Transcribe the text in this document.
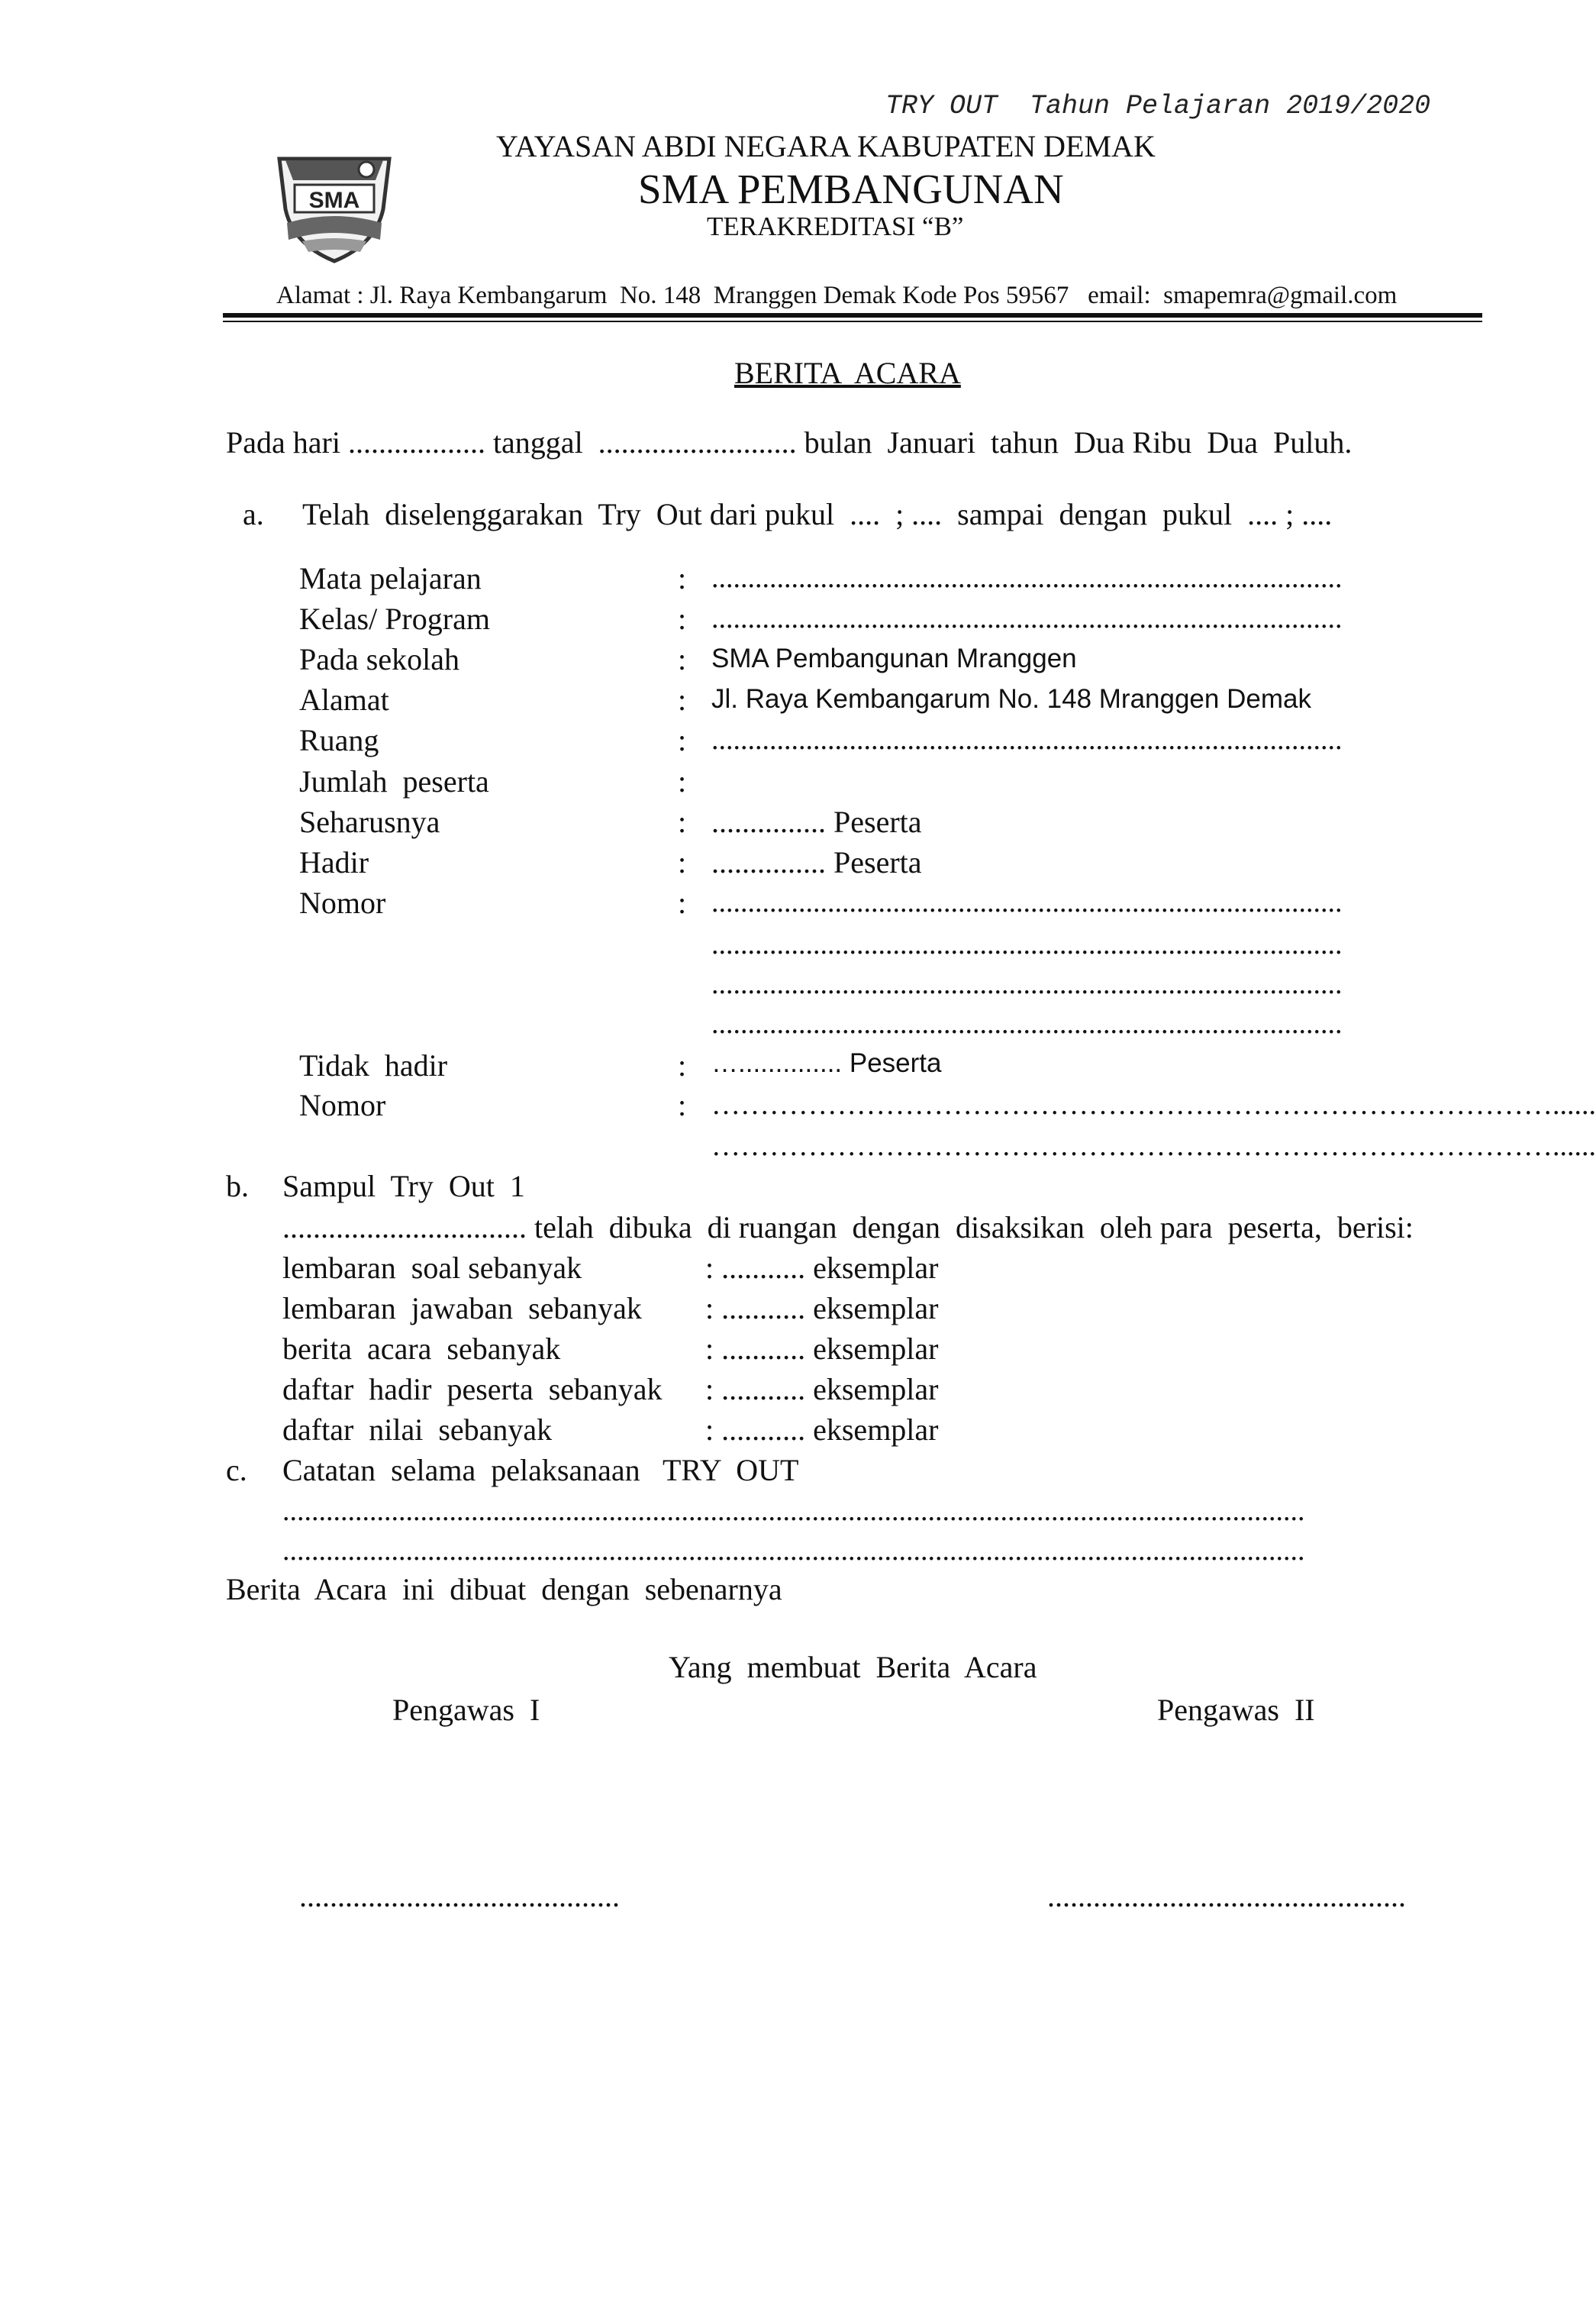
TRY OUT  Tahun Pelajaran 2019/2020
SMA
YAYASAN ABDI NEGARA KABUPATEN DEMAK
SMA PEMBANGUNAN
TERAKREDITASI “B”
Alamat : Jl. Raya Kembangarum  No. 148  Mranggen Demak Kode Pos 59567   email:  smapemra@gmail.com
BERITA  ACARA
Pada hari .................. tanggal  .......................... bulan  Januari  tahun  Dua Ribu  Dua  Puluh.
a. Telah  diselenggarakan  Try  Out dari pukul  ....  ; ....  sampai  dengan  pukul  .... ; ....
Mata pelajaran	: .......................................................................................
Kelas/ Program	: .......................................................................................
Pada sekolah	: SMA Pembangunan Mranggen
Alamat	: Jl. Raya Kembangarum No. 148 Mranggen Demak
Ruang	: .......................................................................................
Jumlah  peserta	:
Seharusnya	: ............... Peserta
Hadir	: ............... Peserta
Nomor	: .......................................................................................
.......................................................................................
.......................................................................................
.......................................................................................
Tidak  hadir	: ….............. Peserta
Nomor	: ……………………………………………………………………………......
……………………………………………………………………………......
b. Sampul  Try  Out  1
................................ telah  dibuka  di ruangan  dengan  disaksikan  oleh para  peserta,  berisi:
lembaran  soal sebanyak	: ........... eksemplar
lembaran  jawaban  sebanyak : ........... eksemplar
berita  acara  sebanyak	: ........... eksemplar
daftar  hadir  peserta  sebanyak : ........... eksemplar
daftar  nilai  sebanyak	: ........... eksemplar
c. Catatan  selama  pelaksanaan   TRY  OUT
.............................................................................................................................................
.............................................................................................................................................
Berita  Acara  ini  dibuat  dengan  sebenarnya
Yang  membuat  Berita  Acara
Pengawas  I	Pengawas  II
..........................................	...............................................
